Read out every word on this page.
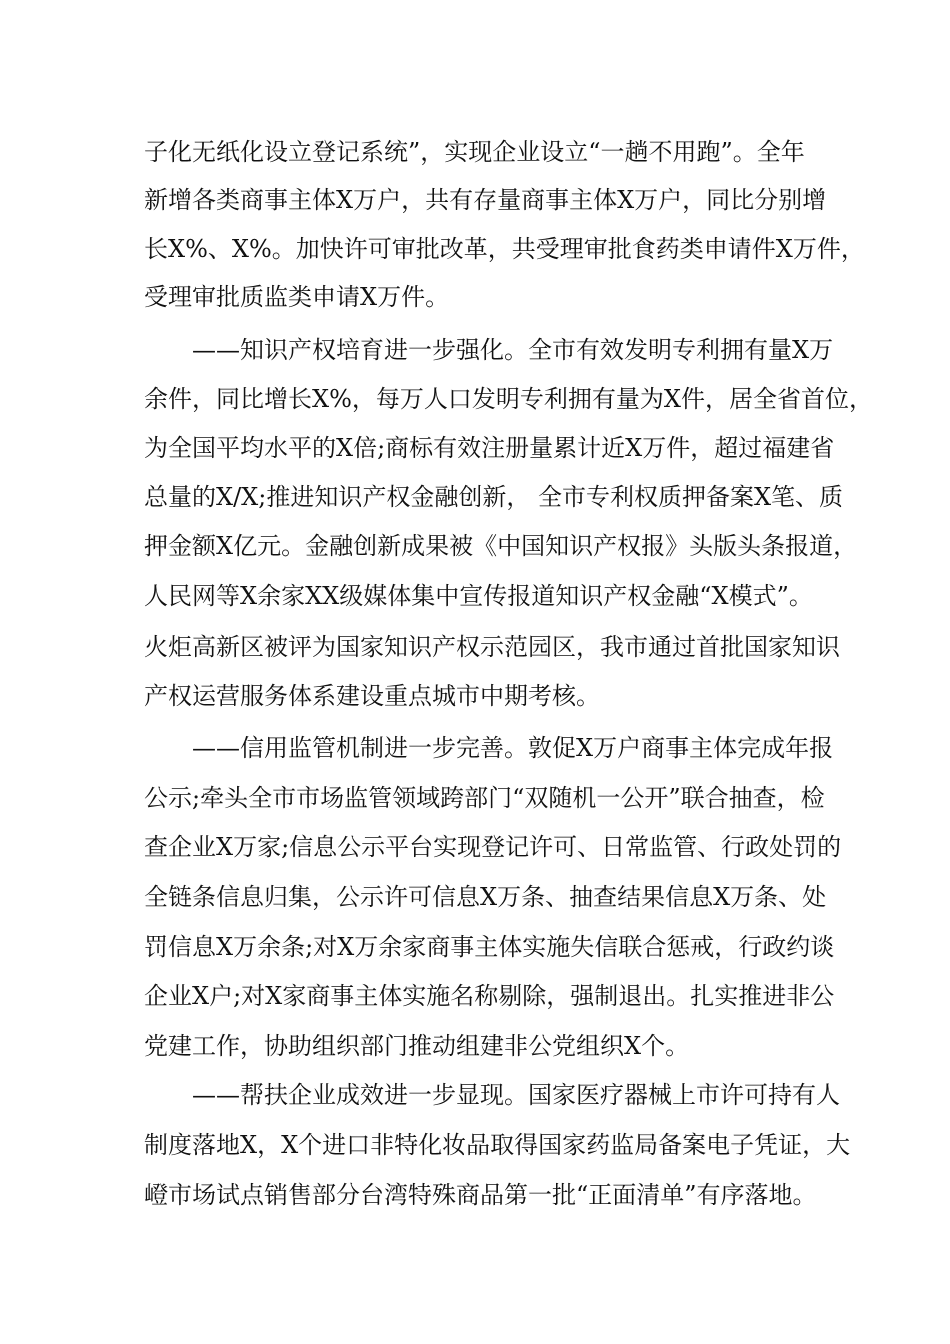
子化无纸化设立登记系统”，实现企业设立“一趟不用跑”。全年
新增各类商事主体X万户，共有存量商事主体X万户，同比分别增
长X%、X%。加快许可审批改革，共受理审批食药类申请件X万件，
受理审批质监类申请X万件。
——知识产权培育进一步强化。全市有效发明专利拥有量X万
余件，同比增长X%，每万人口发明专利拥有量为X件，居全省首位，
为全国平均水平的X倍;商标有效注册量累计近X万件，超过福建省
总量的X/X;推进知识产权金融创新， 全市专利权质押备案X笔、质
押金额X亿元。金融创新成果被《中国知识产权报》头版头条报道，
人民网等X余家XX级媒体集中宣传报道知识产权金融“X模式”。
火炬高新区被评为国家知识产权示范园区，我市通过首批国家知识
产权运营服务体系建设重点城市中期考核。
——信用监管机制进一步完善。敦促X万户商事主体完成年报
公示;牵头全市市场监管领域跨部门“双随机一公开”联合抽查，检
查企业X万家;信息公示平台实现登记许可、日常监管、行政处罚的
全链条信息归集，公示许可信息X万条、抽查结果信息X万条、处
罚信息X万余条;对X万余家商事主体实施失信联合惩戒，行政约谈
企业X户;对X家商事主体实施名称剔除，强制退出。扎实推进非公
党建工作，协助组织部门推动组建非公党组织X个。
——帮扶企业成效进一步显现。国家医疗器械上市许可持有人
制度落地X，X个进口非特化妆品取得国家药监局备案电子凭证，大
嶝市场试点销售部分台湾特殊商品第一批“正面清单”有序落地。
